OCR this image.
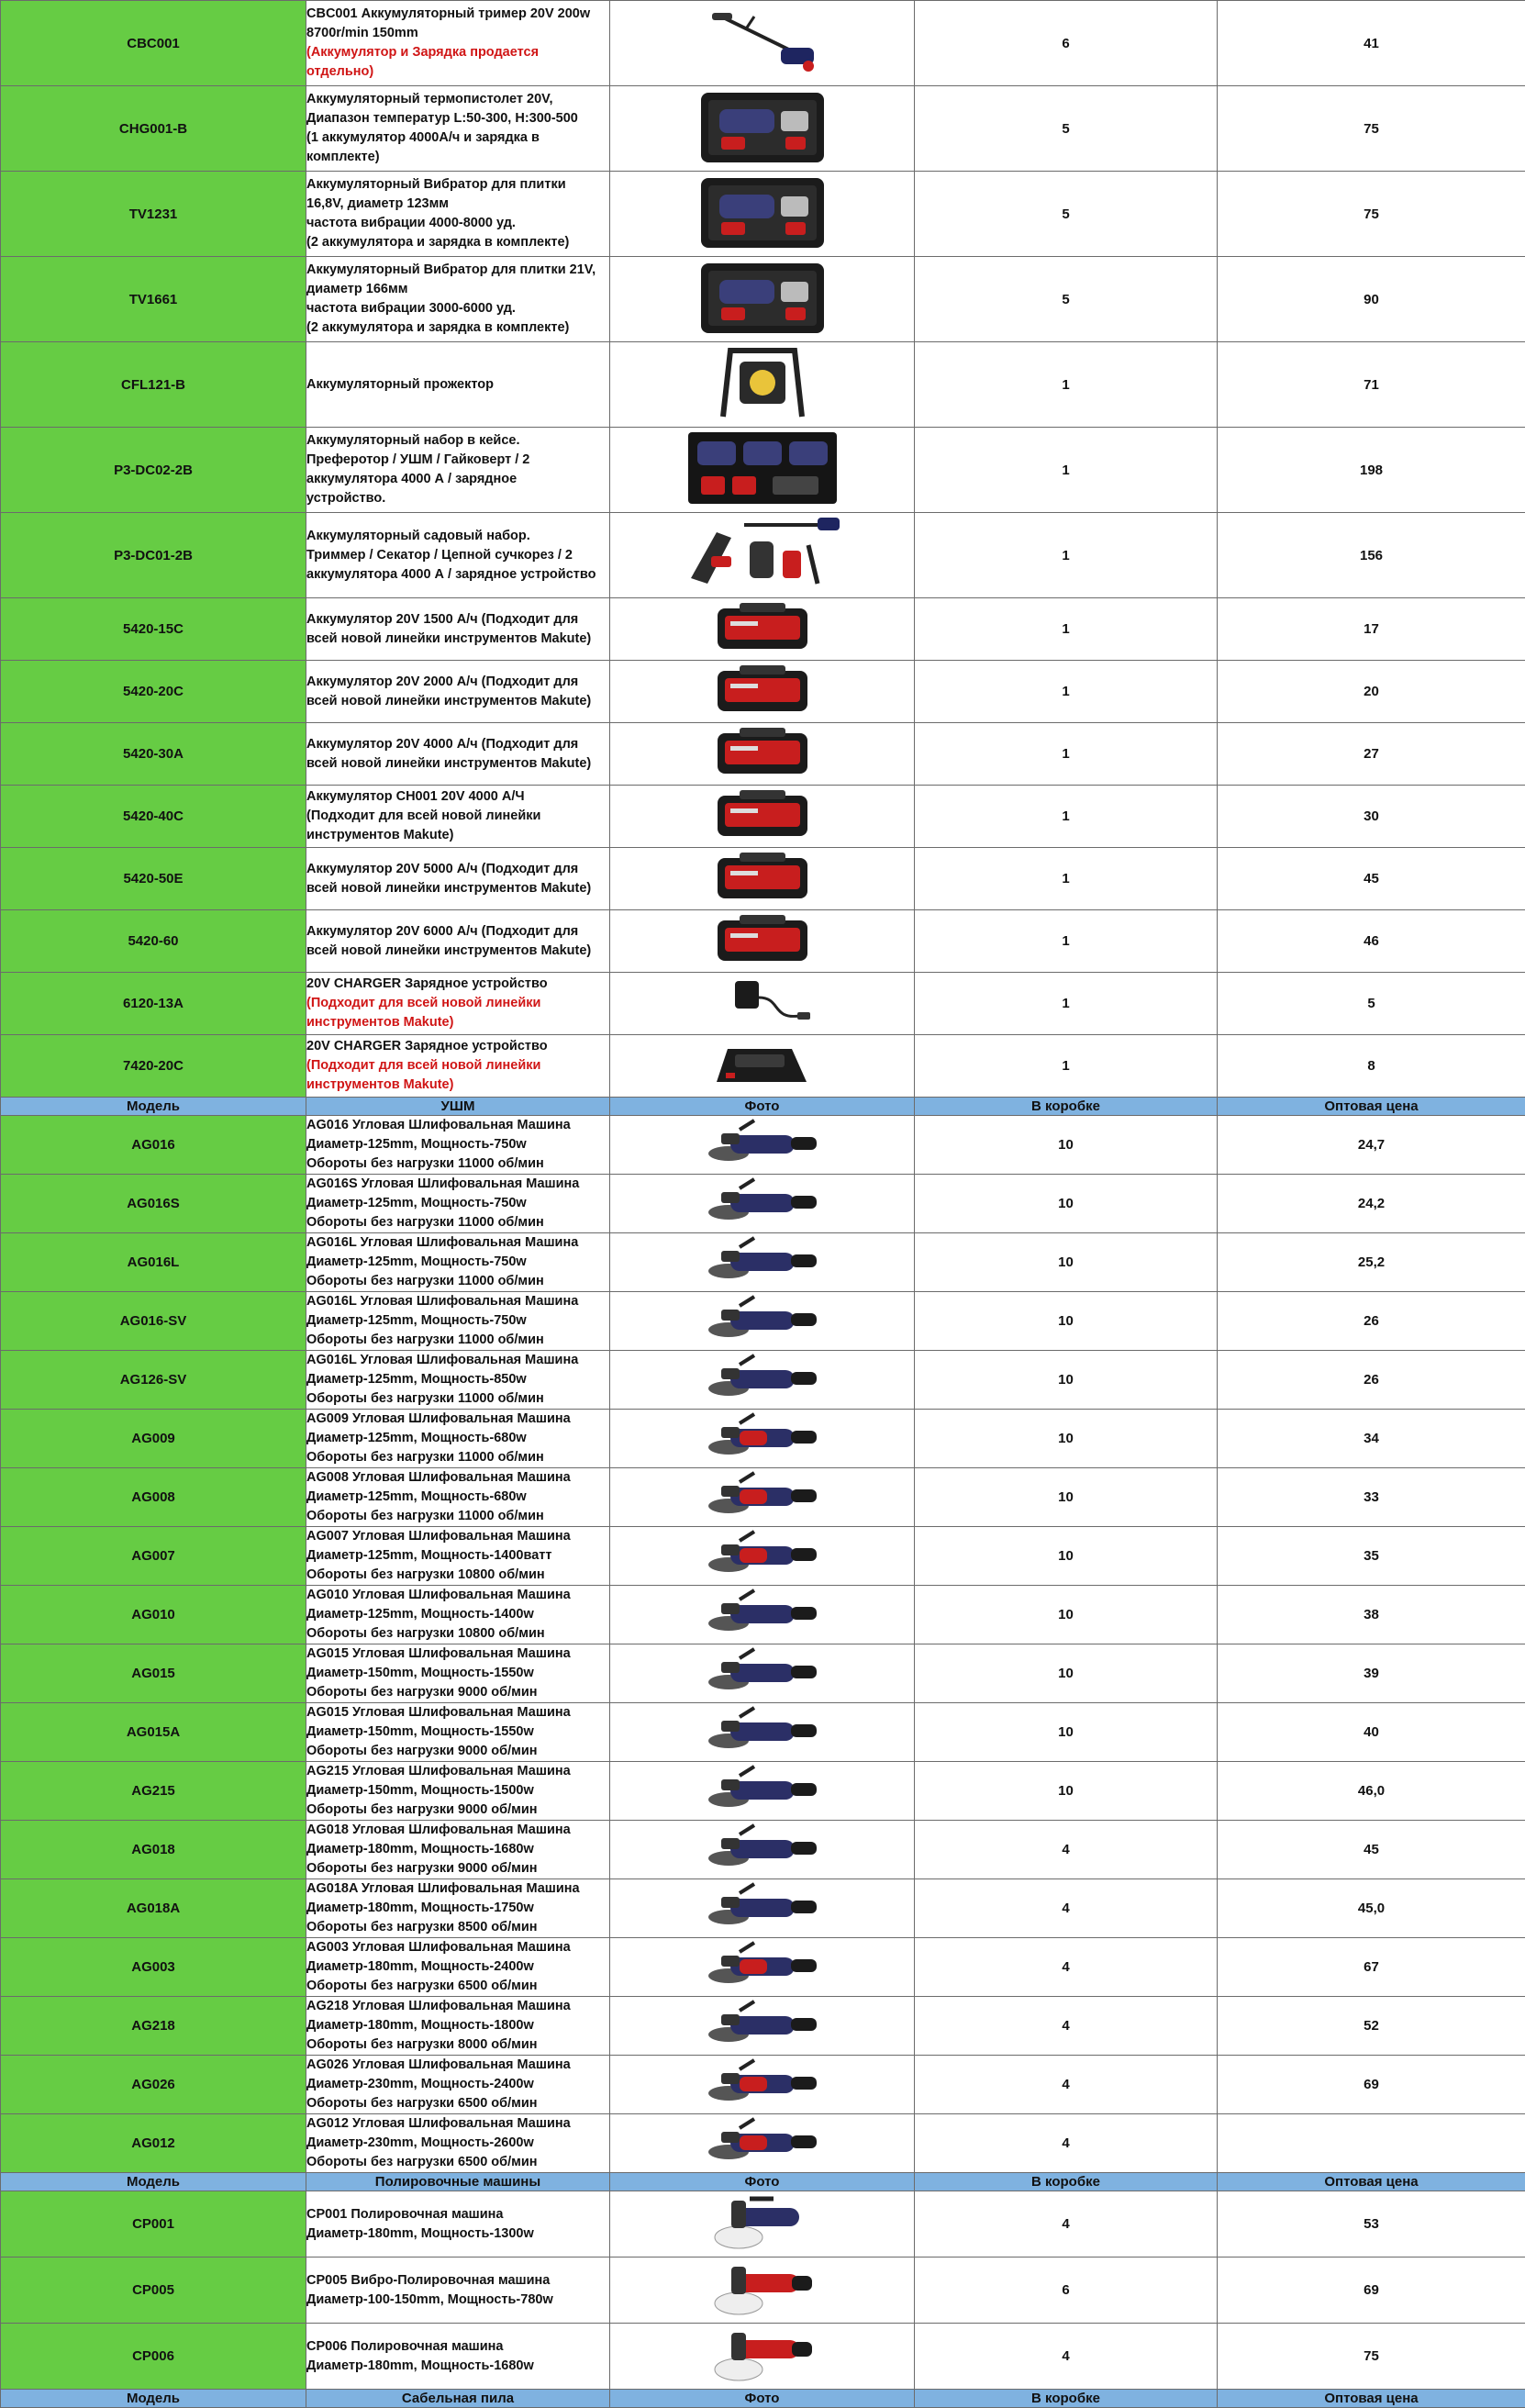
CBC001	CBC001 Аккумуляторный тример 20V 200w
8700r/min 150mm
(Аккумулятор и Зарядка продается
отдельно)		6	41
CHG001-B	Аккумуляторный термопистолет 20V,
Диапазон температур L:50-300, H:300-500
(1 аккумулятор 4000А/ч и зарядка в
комплекте)		5	75
TV1231	Аккумуляторный Вибратор для плитки
16,8V, диаметр 123мм
частота вибрации 4000-8000 уд.
(2 аккумулятора и зарядка в комплекте)		5	75
TV1661	Аккумуляторный Вибратор для плитки 21V,
диаметр 166мм
частота вибрации 3000-6000 уд.
(2 аккумулятора и зарядка в комплекте)		5	90
CFL121-B	Аккумуляторный прожектор		1	71
P3-DC02-2B	Аккумуляторный набор в кейсе.
Преферотор / УШМ / Гайковерт / 2
аккумулятора 4000 А / зарядное
устройство.		1	198
P3-DC01-2B	Аккумуляторный садовый набор.
Триммер / Секатор / Цепной сучкорез / 2
аккумулятора 4000 А / зарядное устройство		1	156
5420-15C	Аккумулятор 20V 1500 А/ч (Подходит для
всей новой линейки инструментов Makute)		1	17
5420-20C	Аккумулятор 20V 2000 А/ч (Подходит для
всей новой линейки инструментов Makute)		1	20
5420-30A	Аккумулятор 20V 4000 А/ч (Подходит для
всей новой линейки инструментов Makute)		1	27
5420-40C	Аккумулятор CH001 20V 4000 А/Ч
(Подходит для всей новой линейки
инструментов Makute)		1	30
5420-50E	Аккумулятор 20V 5000 А/ч (Подходит для
всей новой линейки инструментов Makute)		1	45
5420-60	Аккумулятор 20V 6000 А/ч (Подходит для
всей новой линейки инструментов Makute)		1	46
6120-13A	20V CHARGER Зарядное устройство
(Подходит для всей новой линейки
инструментов Makute)		1	5
7420-20C	20V CHARGER Зарядное устройство
(Подходит для всей новой линейки
инструментов Makute)		1	8
Модель	УШМ	Фото	В коробке	Оптовая цена
AG016	AG016 Угловая Шлифовальная Машина
Диаметр-125mm, Мощность-750w
Обороты без нагрузки 11000 об/мин		10	24,7
AG016S	AG016S Угловая Шлифовальная Машина
Диаметр-125mm, Мощность-750w
Обороты без нагрузки 11000 об/мин		10	24,2
AG016L	AG016L Угловая Шлифовальная Машина
Диаметр-125mm, Мощность-750w
Обороты без нагрузки 11000 об/мин		10	25,2
AG016-SV	AG016L Угловая Шлифовальная Машина
Диаметр-125mm, Мощность-750w
Обороты без нагрузки 11000 об/мин		10	26
AG126-SV	AG016L Угловая Шлифовальная Машина
Диаметр-125mm, Мощность-850w
Обороты без нагрузки 11000 об/мин		10	26
AG009	AG009 Угловая Шлифовальная Машина
Диаметр-125mm, Мощность-680w
Обороты без нагрузки 11000 об/мин		10	34
AG008	AG008 Угловая Шлифовальная Машина
Диаметр-125mm, Мощность-680w
Обороты без нагрузки 11000 об/мин		10	33
AG007	AG007 Угловая Шлифовальная Машина
Диаметр-125mm, Мощность-1400ватт
Обороты без нагрузки 10800 об/мин		10	35
AG010	AG010 Угловая Шлифовальная Машина
Диаметр-125mm, Мощность-1400w
Обороты без нагрузки 10800 об/мин		10	38
AG015	AG015 Угловая Шлифовальная Машина
Диаметр-150mm, Мощность-1550w
Обороты без нагрузки 9000 об/мин		10	39
AG015A	AG015 Угловая Шлифовальная Машина
Диаметр-150mm, Мощность-1550w
Обороты без нагрузки 9000 об/мин		10	40
AG215	AG215 Угловая Шлифовальная Машина
Диаметр-150mm, Мощность-1500w
Обороты без нагрузки 9000 об/мин		10	46,0
AG018	AG018 Угловая Шлифовальная Машина
Диаметр-180mm, Мощность-1680w
Обороты без нагрузки 9000 об/мин		4	45
AG018A	AG018A Угловая Шлифовальная Машина
Диаметр-180mm, Мощность-1750w
Обороты без нагрузки 8500 об/мин		4	45,0
AG003	AG003 Угловая Шлифовальная Машина
Диаметр-180mm, Мощность-2400w
Обороты без нагрузки 6500 об/мин		4	67
AG218	AG218 Угловая Шлифовальная Машина
Диаметр-180mm, Мощность-1800w
Обороты без нагрузки 8000 об/мин		4	52
AG026	AG026 Угловая Шлифовальная Машина
Диаметр-230mm, Мощность-2400w
Обороты без нагрузки 6500 об/мин		4	69
AG012	AG012 Угловая Шлифовальная Машина
Диаметр-230mm, Мощность-2600w
Обороты без нагрузки 6500 об/мин		4	
Модель	Полировочные машины	Фото	В коробке	Оптовая цена
CP001	CP001 Полировочная машина
Диаметр-180mm, Мощность-1300w		4	53
CP005	CP005 Вибро-Полировочная машина
Диаметр-100-150mm, Мощность-780w		6	69
CP006	CP006 Полировочная машина
Диаметр-180mm, Мощность-1680w		4	75
Модель	Сабельная пила	Фото	В коробке	Оптовая цена
